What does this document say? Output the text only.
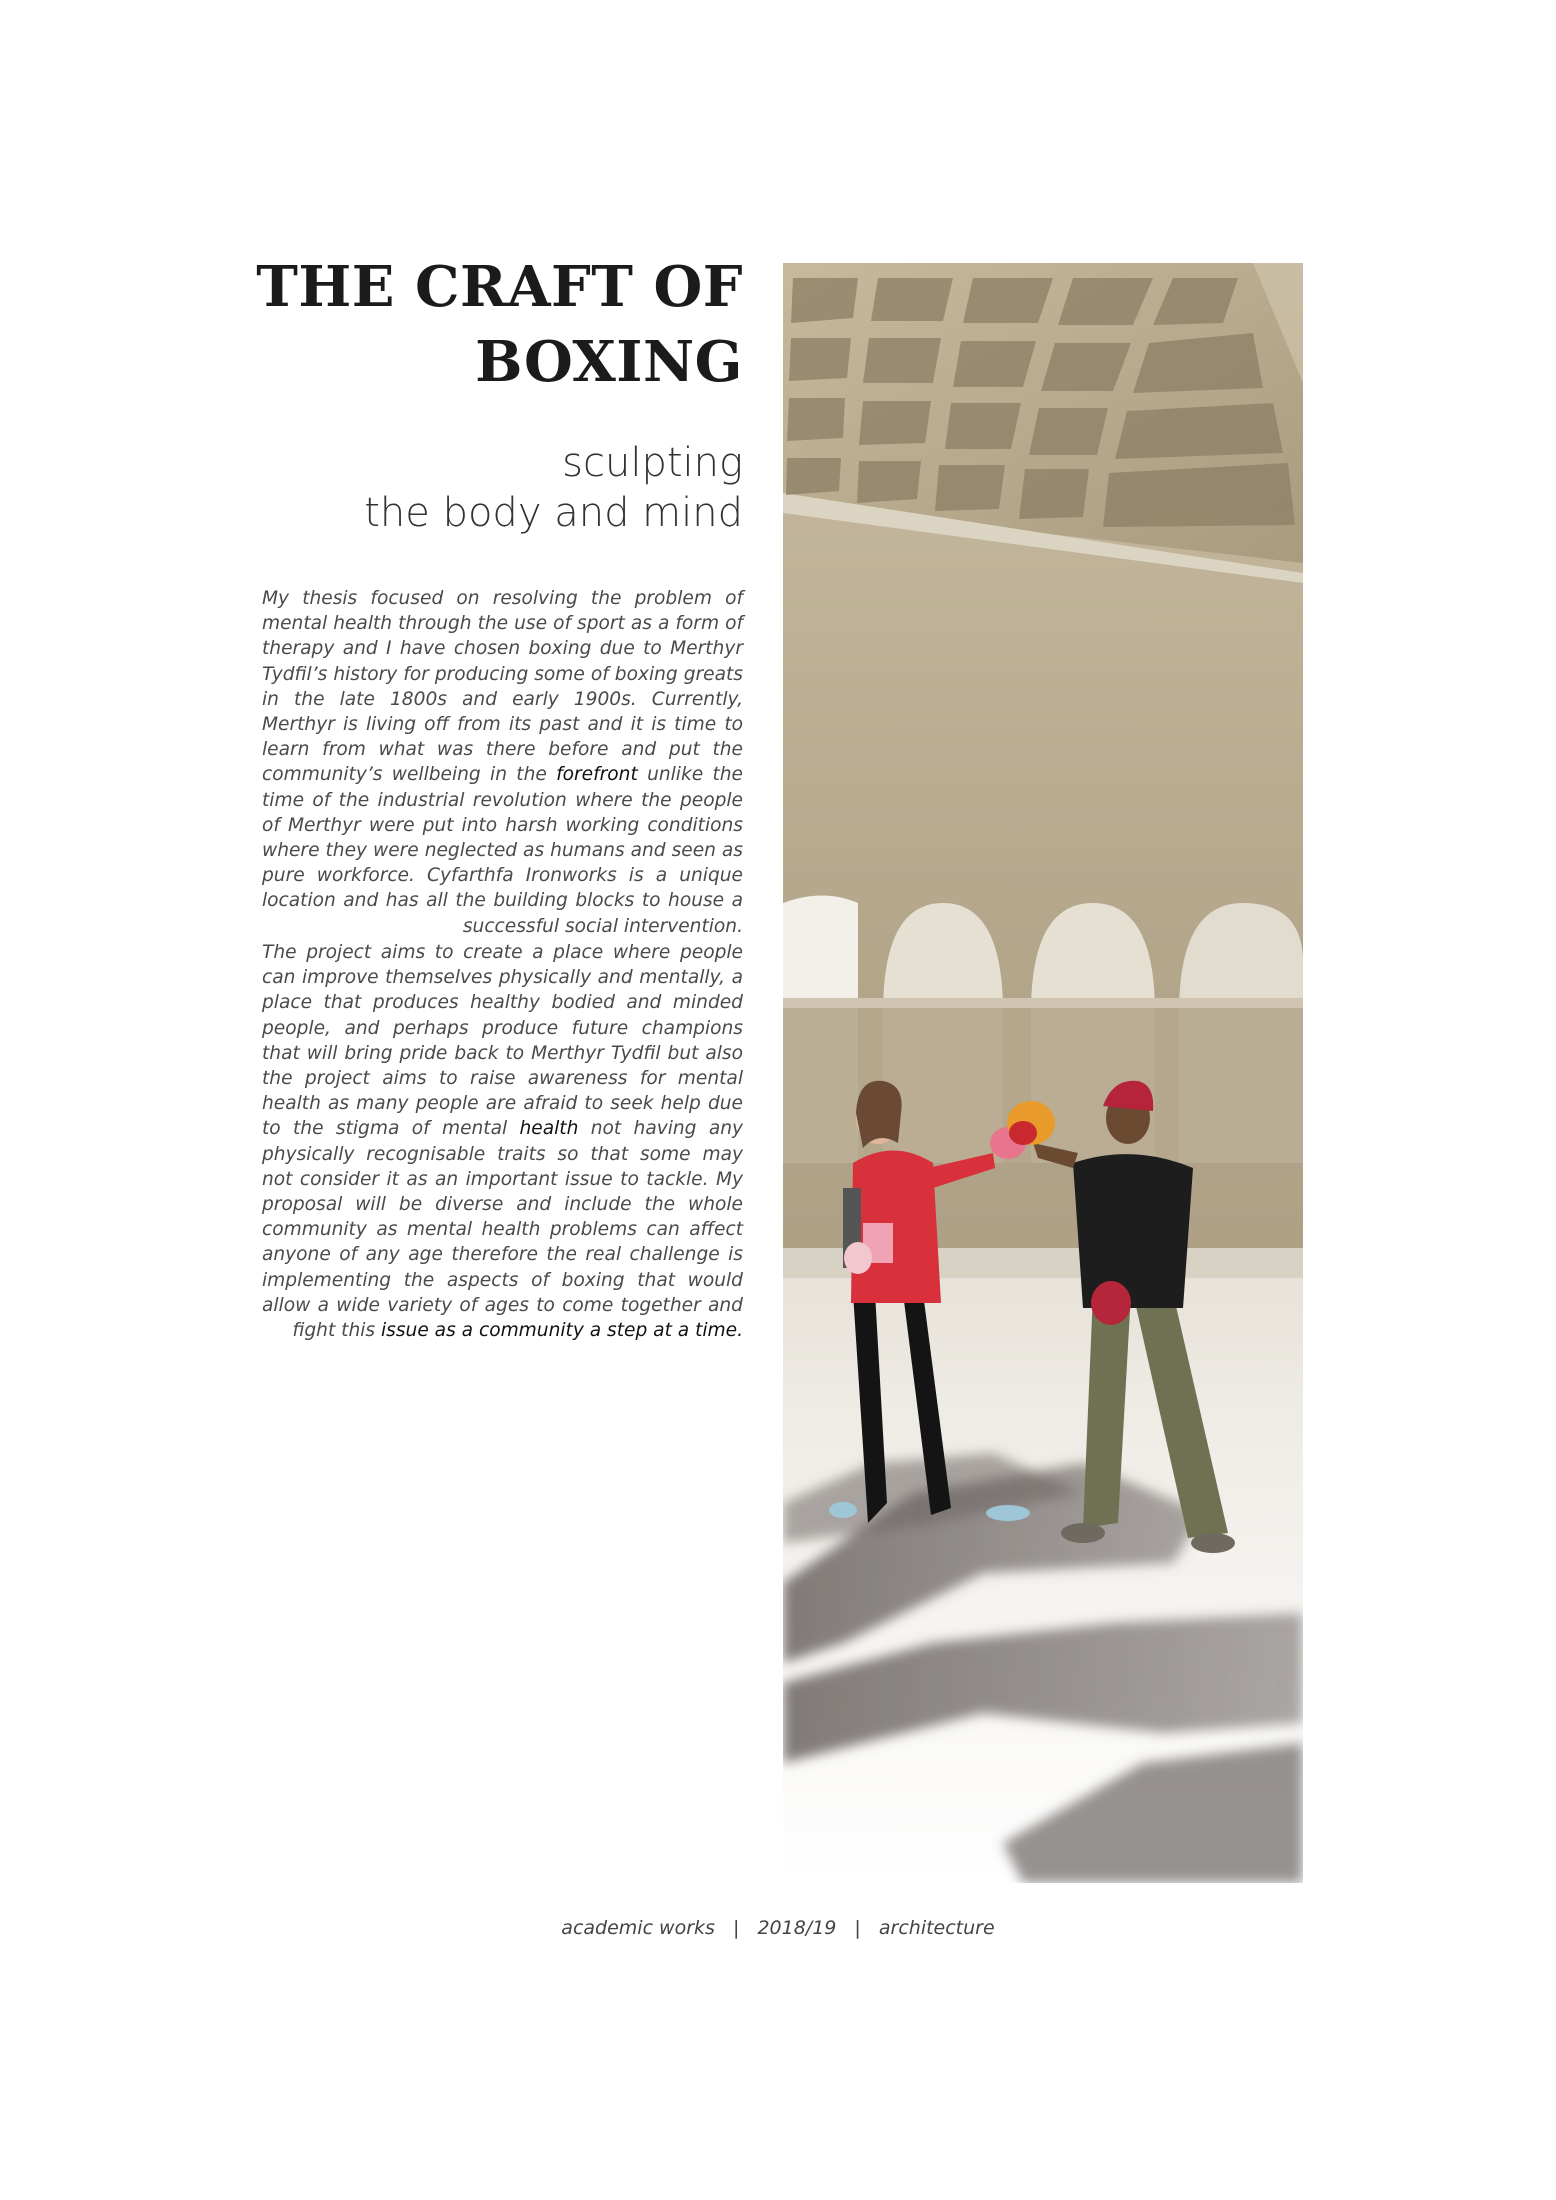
THE CRAFT OF
BOXING
sculpting
the body and mind

My thesis focused on resolving the problem of mental health through the use of sport as a form of therapy and I have chosen boxing due to Merthyr Tydfil’s history for producing some of boxing greats in the late 1800s and early 1900s. Currently, Merthyr is living off from its past and it is time to learn from what was there before and put the community’s wellbeing in the forefront unlike the time of the industrial revolution where the people of Merthyr were put into harsh working conditions where they were neglected as humans and seen as pure workforce. Cyfarthfa Ironworks is a unique location and has all the building blocks to house a successful social intervention.

The project aims to create a place where people can improve themselves physically and mentally, a place that produces healthy bodied and minded people, and perhaps produce future champions that will bring pride back to Merthyr Tydfil but also the project aims to raise awareness for mental health as many people are afraid to seek help due to the stigma of mental health not having any physically recognisable traits so that some may not consider it as an important issue to tackle. My proposal will be diverse and include the whole community as mental health problems can affect anyone of any age therefore the real challenge is implementing the aspects of boxing that would allow a wide variety of ages to come together and fight this issue as a community a step at a time.

academic works | 2018/19 | architecture
